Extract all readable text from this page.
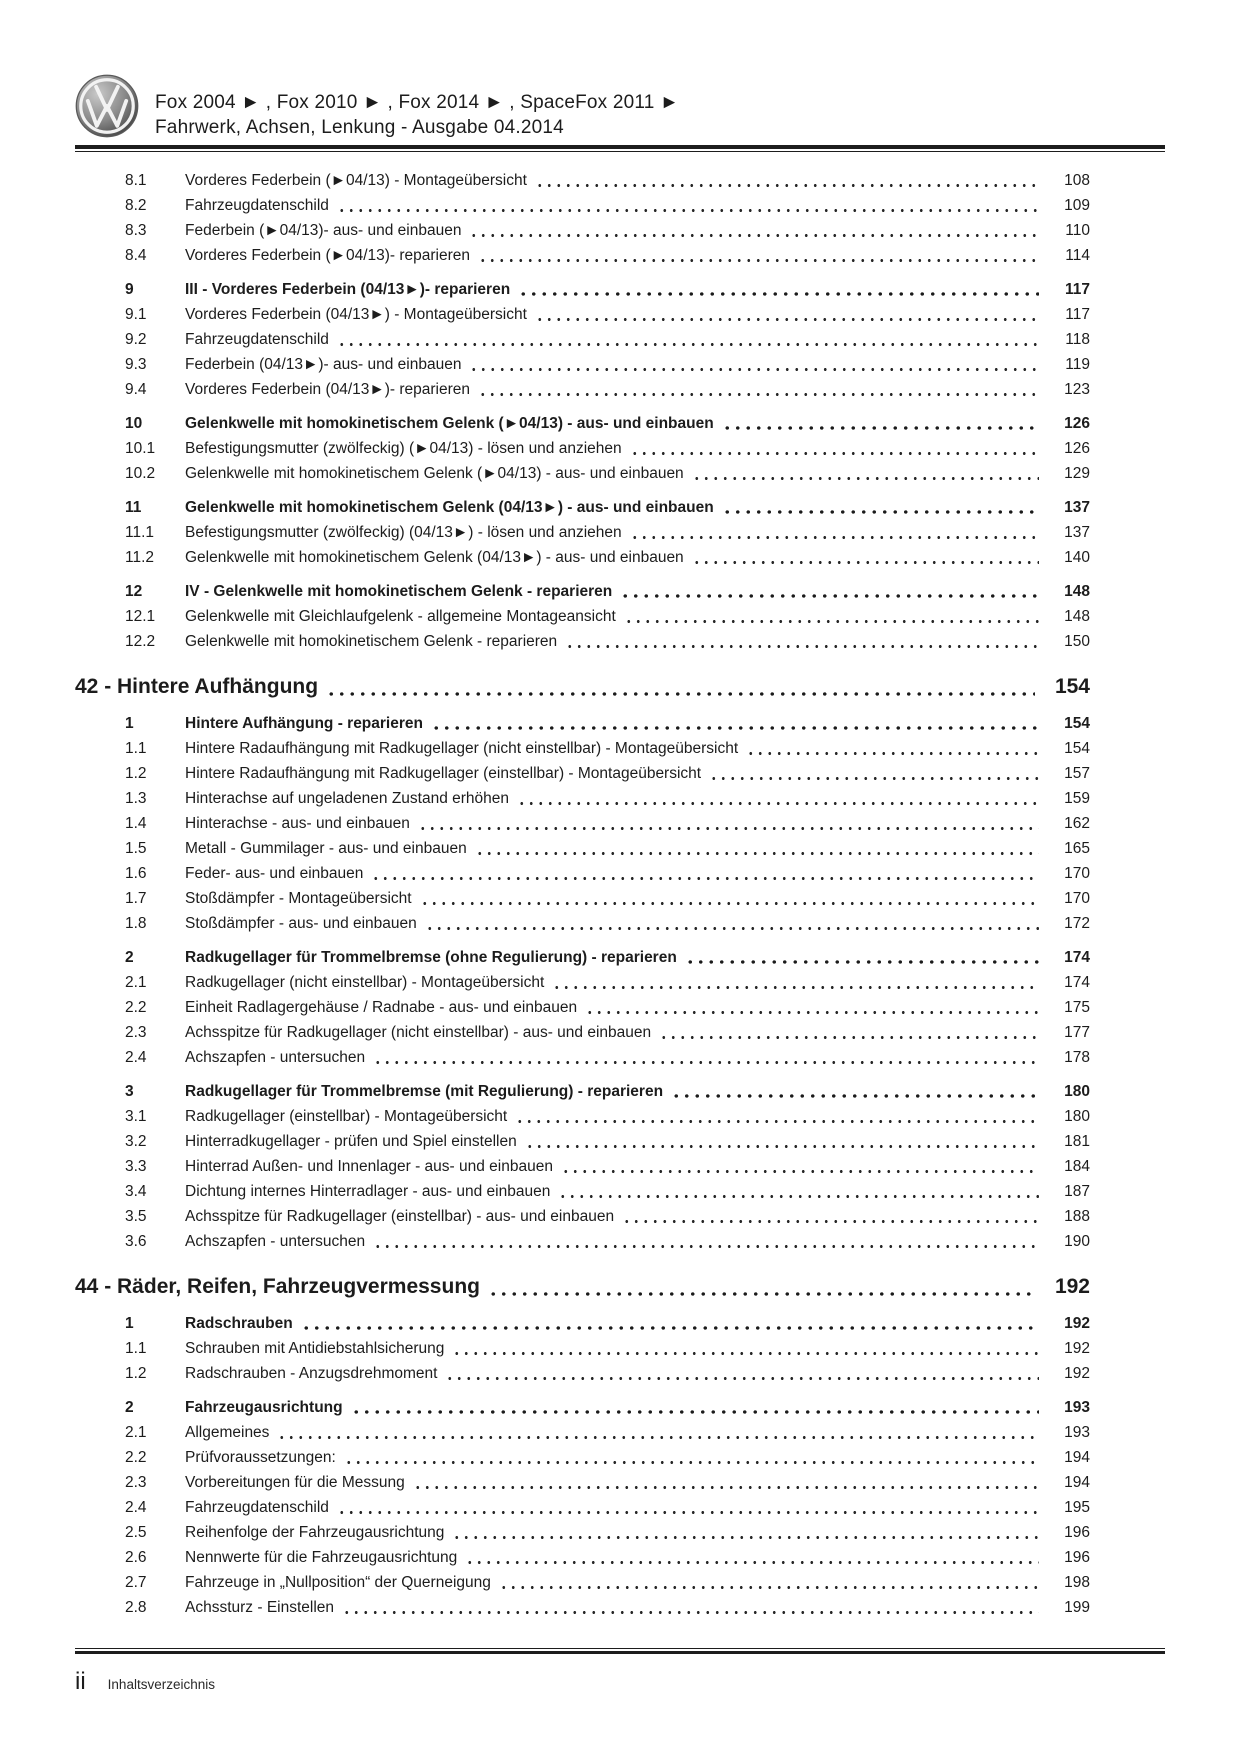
Fox 2004 ► , Fox 2010 ► , Fox 2014 ► , SpaceFox 2011 ►
Fahrwerk, Achsen, Lenkung - Ausgabe 04.2014
8.1	Vorderes Federbein (►04/13) - Montageübersicht	108
8.2	Fahrzeugdatenschild	109
8.3	Federbein (►04/13)- aus- und einbauen	110
8.4	Vorderes Federbein (►04/13)- reparieren	114
9	III - Vorderes Federbein (04/13►)- reparieren	117
9.1	Vorderes Federbein (04/13►) - Montageübersicht	117
9.2	Fahrzeugdatenschild	118
9.3	Federbein (04/13►)- aus- und einbauen	119
9.4	Vorderes Federbein (04/13►)- reparieren	123
10	Gelenkwelle mit homokinetischem Gelenk (►04/13) - aus- und einbauen	126
10.1	Befestigungsmutter (zwölfeckig) (►04/13) - lösen und anziehen	126
10.2	Gelenkwelle mit homokinetischem Gelenk (►04/13) - aus- und einbauen	129
11	Gelenkwelle mit homokinetischem Gelenk (04/13►) - aus- und einbauen	137
11.1	Befestigungsmutter (zwölfeckig) (04/13►) - lösen und anziehen	137
11.2	Gelenkwelle mit homokinetischem Gelenk (04/13►) - aus- und einbauen	140
12	IV - Gelenkwelle mit homokinetischem Gelenk - reparieren	148
12.1	Gelenkwelle mit Gleichlaufgelenk - allgemeine Montageansicht	148
12.2	Gelenkwelle mit homokinetischem Gelenk - reparieren	150
42 - Hintere Aufhängung	154
1	Hintere Aufhängung - reparieren	154
1.1	Hintere Radaufhängung mit Radkugellager (nicht einstellbar) - Montageübersicht	154
1.2	Hintere Radaufhängung mit Radkugellager (einstellbar) - Montageübersicht	157
1.3	Hinterachse auf ungeladenen Zustand erhöhen	159
1.4	Hinterachse - aus- und einbauen	162
1.5	Metall - Gummilager - aus- und einbauen	165
1.6	Feder- aus- und einbauen	170
1.7	Stoßdämpfer - Montageübersicht	170
1.8	Stoßdämpfer - aus- und einbauen	172
2	Radkugellager für Trommelbremse (ohne Regulierung) - reparieren	174
2.1	Radkugellager (nicht einstellbar) - Montageübersicht	174
2.2	Einheit Radlagergehäuse / Radnabe - aus- und einbauen	175
2.3	Achsspitze für Radkugellager (nicht einstellbar) - aus- und einbauen	177
2.4	Achszapfen - untersuchen	178
3	Radkugellager für Trommelbremse (mit Regulierung) - reparieren	180
3.1	Radkugellager (einstellbar) - Montageübersicht	180
3.2	Hinterradkugellager - prüfen und Spiel einstellen	181
3.3	Hinterrad Außen- und Innenlager - aus- und einbauen	184
3.4	Dichtung internes Hinterradlager - aus- und einbauen	187
3.5	Achsspitze für Radkugellager (einstellbar) - aus- und einbauen	188
3.6	Achszapfen - untersuchen	190
44 - Räder, Reifen, Fahrzeugvermessung	192
1	Radschrauben	192
1.1	Schrauben mit Antidiebstahlsicherung	192
1.2	Radschrauben - Anzugsdrehmoment	192
2	Fahrzeugausrichtung	193
2.1	Allgemeines	193
2.2	Prüfvoraussetzungen:	194
2.3	Vorbereitungen für die Messung	194
2.4	Fahrzeugdatenschild	195
2.5	Reihenfolge der Fahrzeugausrichtung	196
2.6	Nennwerte für die Fahrzeugausrichtung	196
2.7	Fahrzeuge in „Nullposition“ der Querneigung	198
2.8	Achssturz - Einstellen	199
ii Inhaltsverzeichnis
